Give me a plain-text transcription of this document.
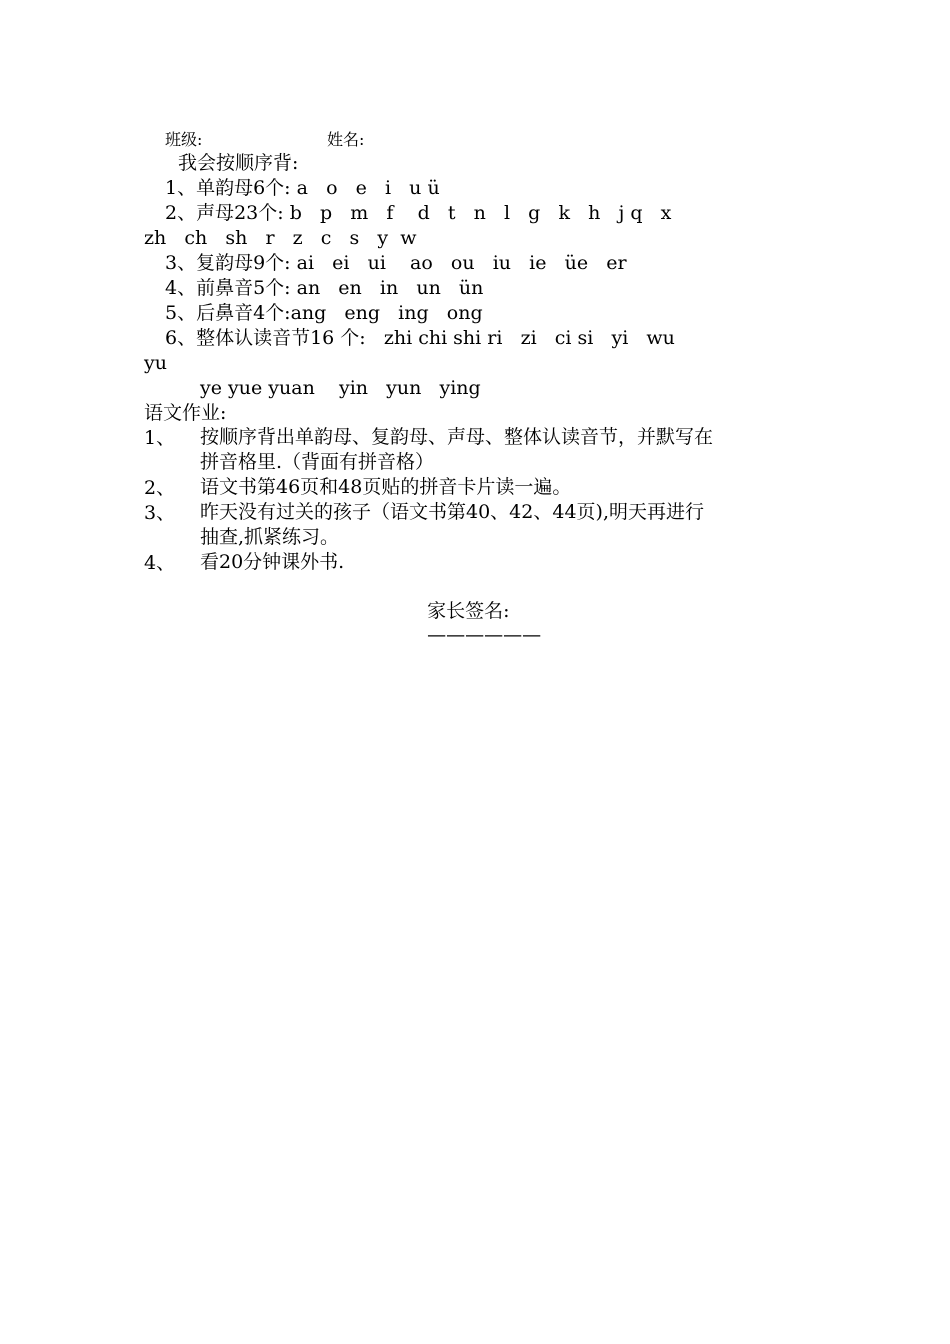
班级:	姓名:
我会按顺序背:
1、单韵母6个: a   o   e   i   u ü
2、声母23个: b   p   m   f    d   t   n   l   g   k   h   j q   x
zh   ch   sh   r   z   c   s   y  w
3、复韵母9个: ai   ei   ui    ao   ou   iu   ie   üe   er
4、前鼻音5个: an   en   in   un   ün
5、后鼻音4个:ang   eng   ing   ong
6、整体认读音节16 个:   zhi chi shi ri   zi   ci si   yi   wu
yu
ye yue yuan    yin   yun   ying
语文作业:
1、 按顺序背出单韵母、复韵母、声母、整体认读音节，并默写在
拼音格里.（背面有拼音格）
2、 语文书第46页和48页贴的拼音卡片读一遍。
3、 昨天没有过关的孩子（语文书第40、42、44页),明天再进行
抽查,抓紧练习。
4、 看20分钟课外书.

家长签名:
——————
